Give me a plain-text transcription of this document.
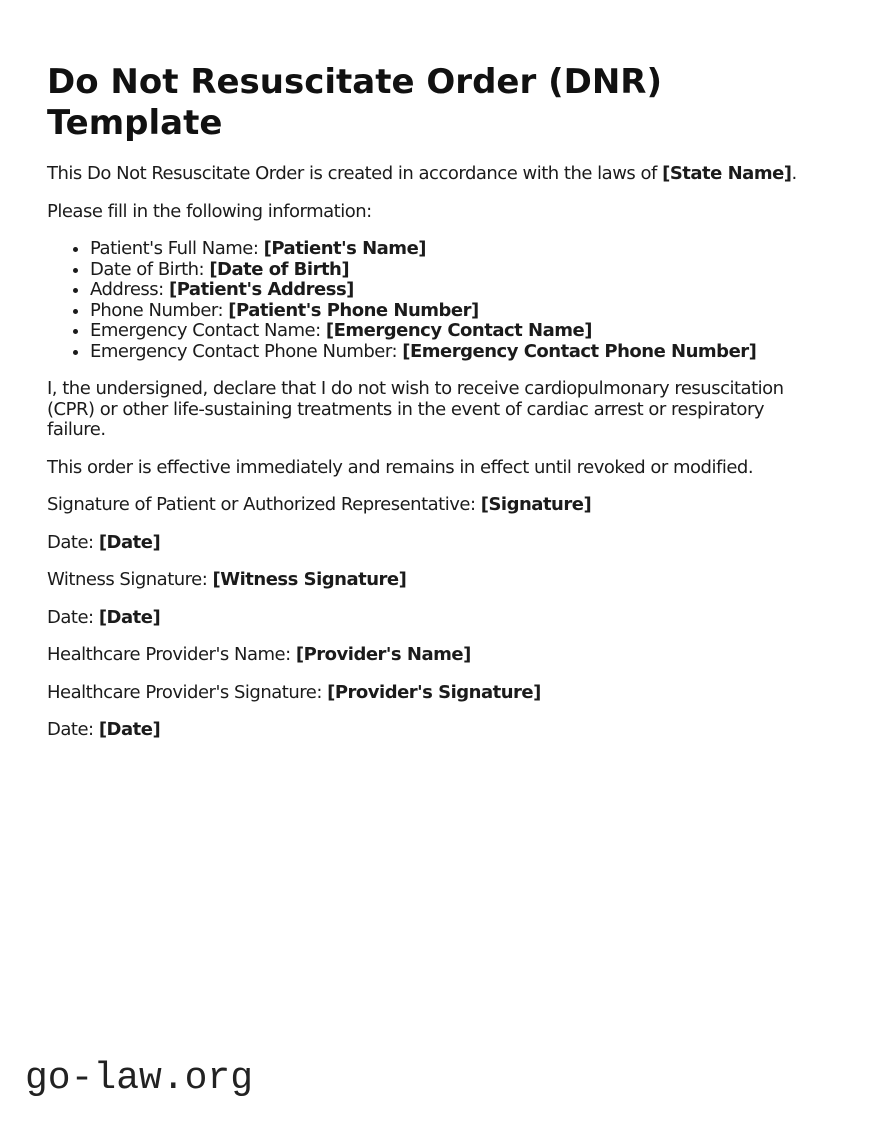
Do Not Resuscitate Order (DNR) Template

This Do Not Resuscitate Order is created in accordance with the laws of [State Name].

Please fill in the following information:

• Patient's Full Name: [Patient's Name]
• Date of Birth: [Date of Birth]
• Address: [Patient's Address]
• Phone Number: [Patient's Phone Number]
• Emergency Contact Name: [Emergency Contact Name]
• Emergency Contact Phone Number: [Emergency Contact Phone Number]

I, the undersigned, declare that I do not wish to receive cardiopulmonary resuscitation (CPR) or other life-sustaining treatments in the event of cardiac arrest or respiratory failure.

This order is effective immediately and remains in effect until revoked or modified.

Signature of Patient or Authorized Representative: [Signature]

Date: [Date]

Witness Signature: [Witness Signature]

Date: [Date]

Healthcare Provider's Name: [Provider's Name]

Healthcare Provider's Signature: [Provider's Signature]

Date: [Date]

go-law.org
